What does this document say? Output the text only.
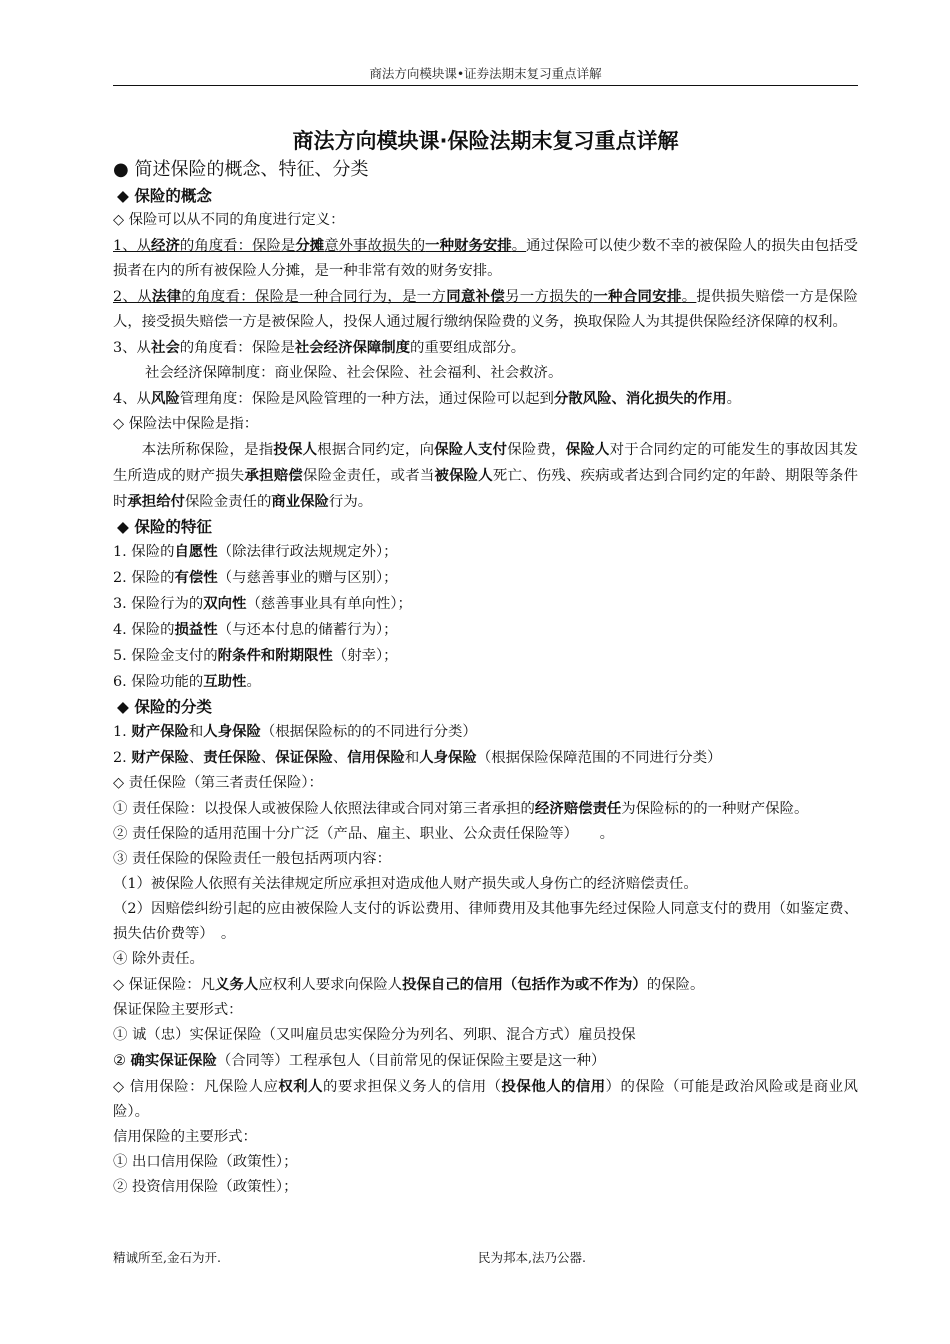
商法方向模块课•证券法期末复习重点详解

商法方向模块课·保险法期末复习重点详解

● 简述保险的概念、特征、分类

◆ 保险的概念

◇ 保险可以从不同的角度进行定义：

1、从经济的角度看：保险是分摊意外事故损失的一种财务安排。通过保险可以使少数不幸的被保险人的损失由包括受损者在内的所有被保险人分摊，是一种非常有效的财务安排。

2、从法律的角度看：保险是一种合同行为，是一方同意补偿另一方损失的一种合同安排。提供损失赔偿一方是保险人，接受损失赔偿一方是被保险人，投保人通过履行缴纳保险费的义务，换取保险人为其提供保险经济保障的权利。

3、从社会的角度看：保险是社会经济保障制度的重要组成部分。

社会经济保障制度：商业保险、社会保险、社会福利、社会救济。

4、从风险管理角度：保险是风险管理的一种方法，通过保险可以起到分散风险、消化损失的作用。

◇ 保险法中保险是指：

本法所称保险，是指投保人根据合同约定，向保险人支付保险费，保险人对于合同约定的可能发生的事故因其发生所造成的财产损失承担赔偿保险金责任，或者当被保险人死亡、伤残、疾病或者达到合同约定的年龄、期限等条件时承担给付保险金责任的商业保险行为。

◆ 保险的特征

1. 保险的自愿性（除法律行政法规规定外）；

2. 保险的有偿性（与慈善事业的赠与区别）；

3. 保险行为的双向性（慈善事业具有单向性）；

4. 保险的损益性（与还本付息的储蓄行为）；

5. 保险金支付的附条件和附期限性（射幸）；

6. 保险功能的互助性。

◆ 保险的分类

1. 财产保险和人身保险（根据保险标的的不同进行分类）

2. 财产保险、责任保险、保证保险、信用保险和人身保险（根据保险保障范围的不同进行分类）

◇ 责任保险（第三者责任保险）：

① 责任保险：以投保人或被保险人依照法律或合同对第三者承担的经济赔偿责任为保险标的的一种财产保险。

② 责任保险的适用范围十分广泛（产品、雇主、职业、公众责任保险等）　　。

③ 责任保险的保险责任一般包括两项内容：

（1）被保险人依照有关法律规定所应承担对造成他人财产损失或人身伤亡的经济赔偿责任。

（2）因赔偿纠纷引起的应由被保险人支付的诉讼费用、律师费用及其他事先经过保险人同意支付的费用（如鉴定费、损失估价费等）　。

④ 除外责任。

◇ 保证保险：凡义务人应权利人要求向保险人投保自己的信用（包括作为或不作为）的保险。

保证保险主要形式：

① 诚（忠）实保证保险（又叫雇员忠实保险分为列名、列职、混合方式）雇员投保

② 确实保证保险（合同等）工程承包人（目前常见的保证保险主要是这一种）

◇ 信用保险：凡保险人应权利人的要求担保义务人的信用（投保他人的信用）的保险（可能是政治风险或是商业风险）。

信用保险的主要形式：

① 出口信用保险（政策性）；

② 投资信用保险（政策性）；

精诚所至,金石为开.	民为邦本,法乃公器.
